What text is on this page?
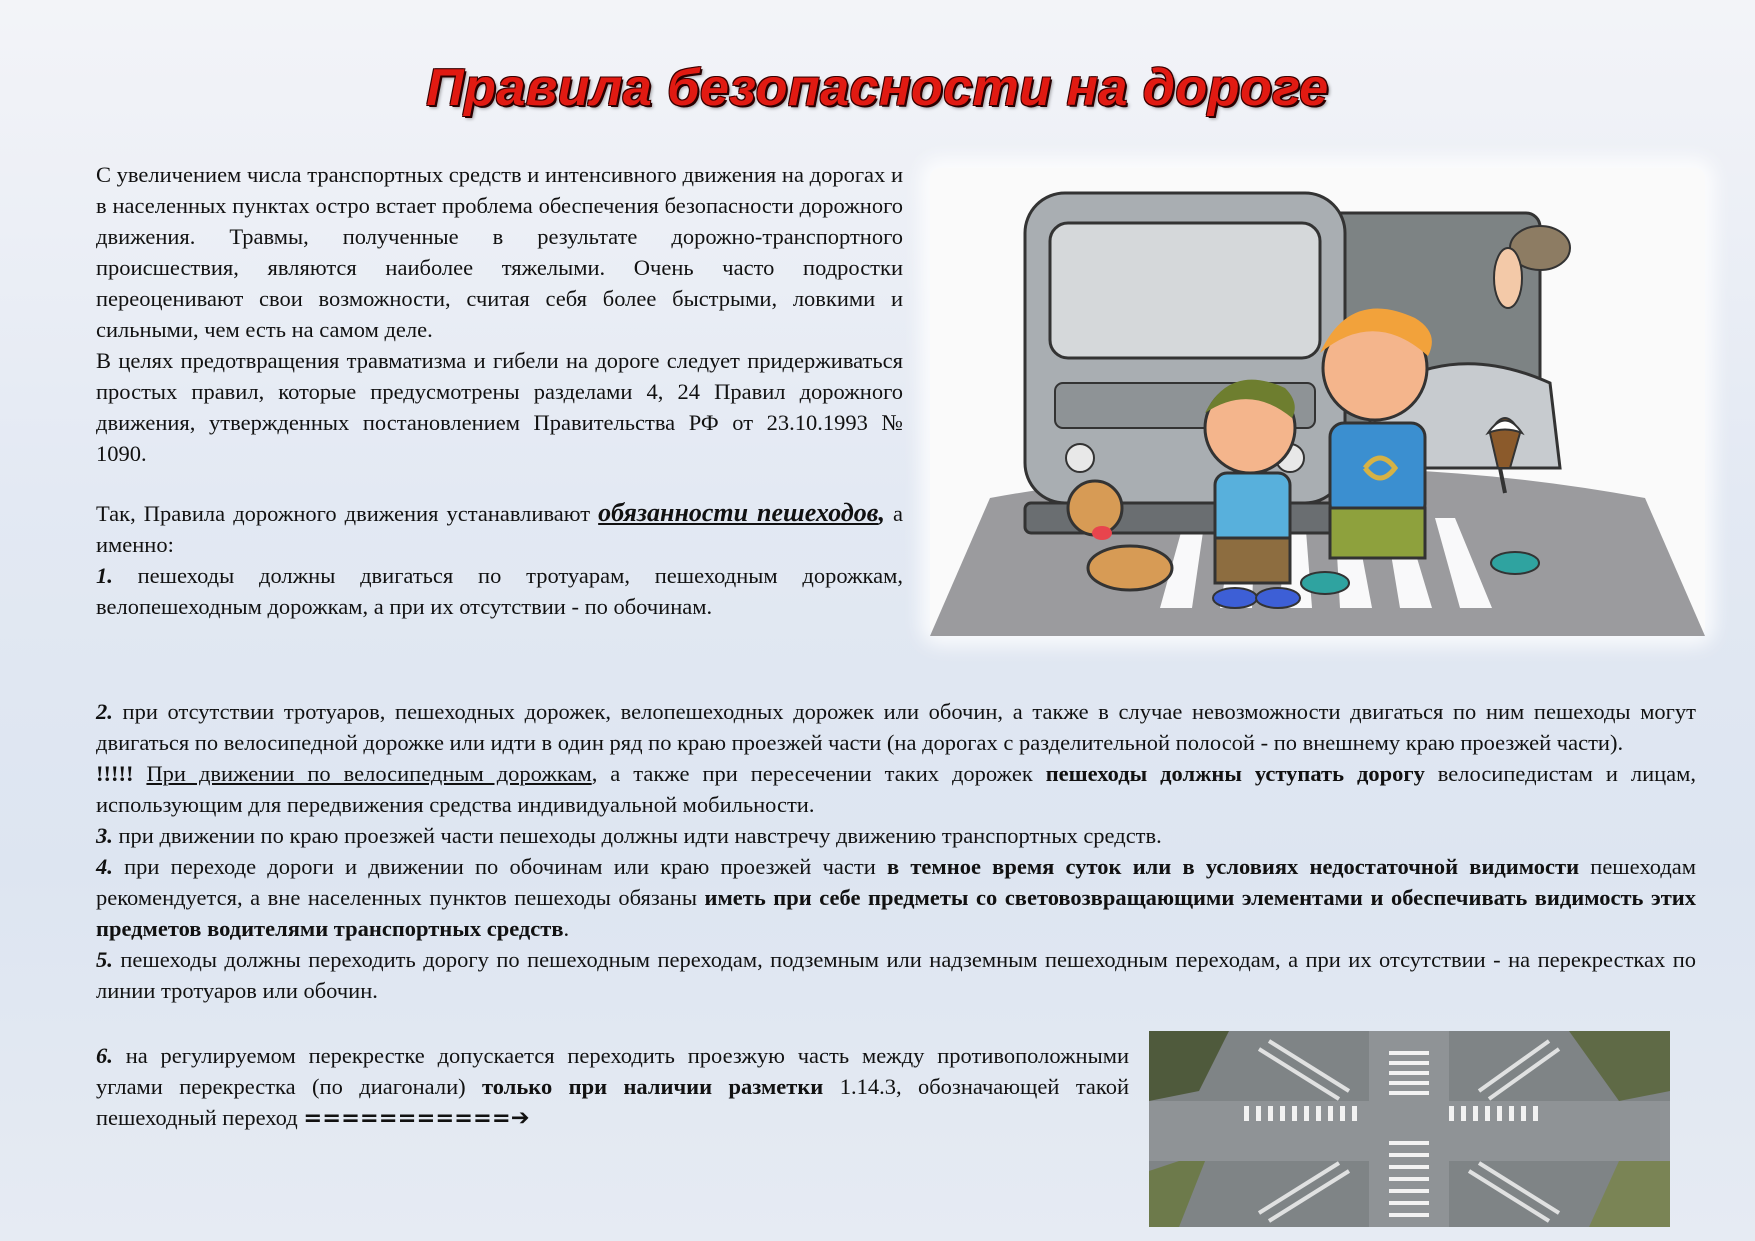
Правила безопасности на дороге

С увеличением числа транспортных средств и интенсивного движения на дорогах и в населенных пунктах остро встает проблема обеспечения безопасности дорожного движения. Травмы, полученные в результате дорожно-транспортного происшествия, являются наиболее тяжелыми. Очень часто подростки переоценивают свои возможности, считая себя более быстрыми, ловкими и сильными, чем есть на самом деле.

В целях предотвращения травматизма и гибели на дороге следует придерживаться простых правил, которые предусмотрены разделами 4, 24 Правил дорожного движения, утвержденных постановлением Правительства РФ от 23.10.1993 № 1090.

Так, Правила дорожного движения устанавливают обязанности пешеходов, а именно:

1. пешеходы должны двигаться по тротуарам, пешеходным дорожкам, велопешеходным дорожкам, а при их отсутствии - по обочинам.

2. при отсутствии тротуаров, пешеходных дорожек, велопешеходных дорожек или обочин, а также в случае невозможности двигаться по ним пешеходы могут двигаться по велосипедной дорожке или идти в один ряд по краю проезжей части (на дорогах с разделительной полосой - по внешнему краю проезжей части).

!!!!! При движении по велосипедным дорожкам, а также при пересечении таких дорожек пешеходы должны уступать дорогу велосипедистам и лицам, использующим для передвижения средства индивидуальной мобильности.

3. при движении по краю проезжей части пешеходы должны идти навстречу движению транспортных средств.

4. при переходе дороги и движении по обочинам или краю проезжей части в темное время суток или в условиях недостаточной видимости пешеходам рекомендуется, а вне населенных пунктов пешеходы обязаны иметь при себе предметы со световозвращающими элементами и обеспечивать видимость этих предметов водителями транспортных средств.

5. пешеходы должны переходить дорогу по пешеходным переходам, подземным или надземным пешеходным переходам, а при их отсутствии - на перекрестках по линии тротуаров или обочин.

6. на регулируемом перекрестке допускается переходить проезжую часть между противоположными углами перекрестка (по диагонали) только при наличии разметки 1.14.3, обозначающей такой пешеходный переход ===========➔
